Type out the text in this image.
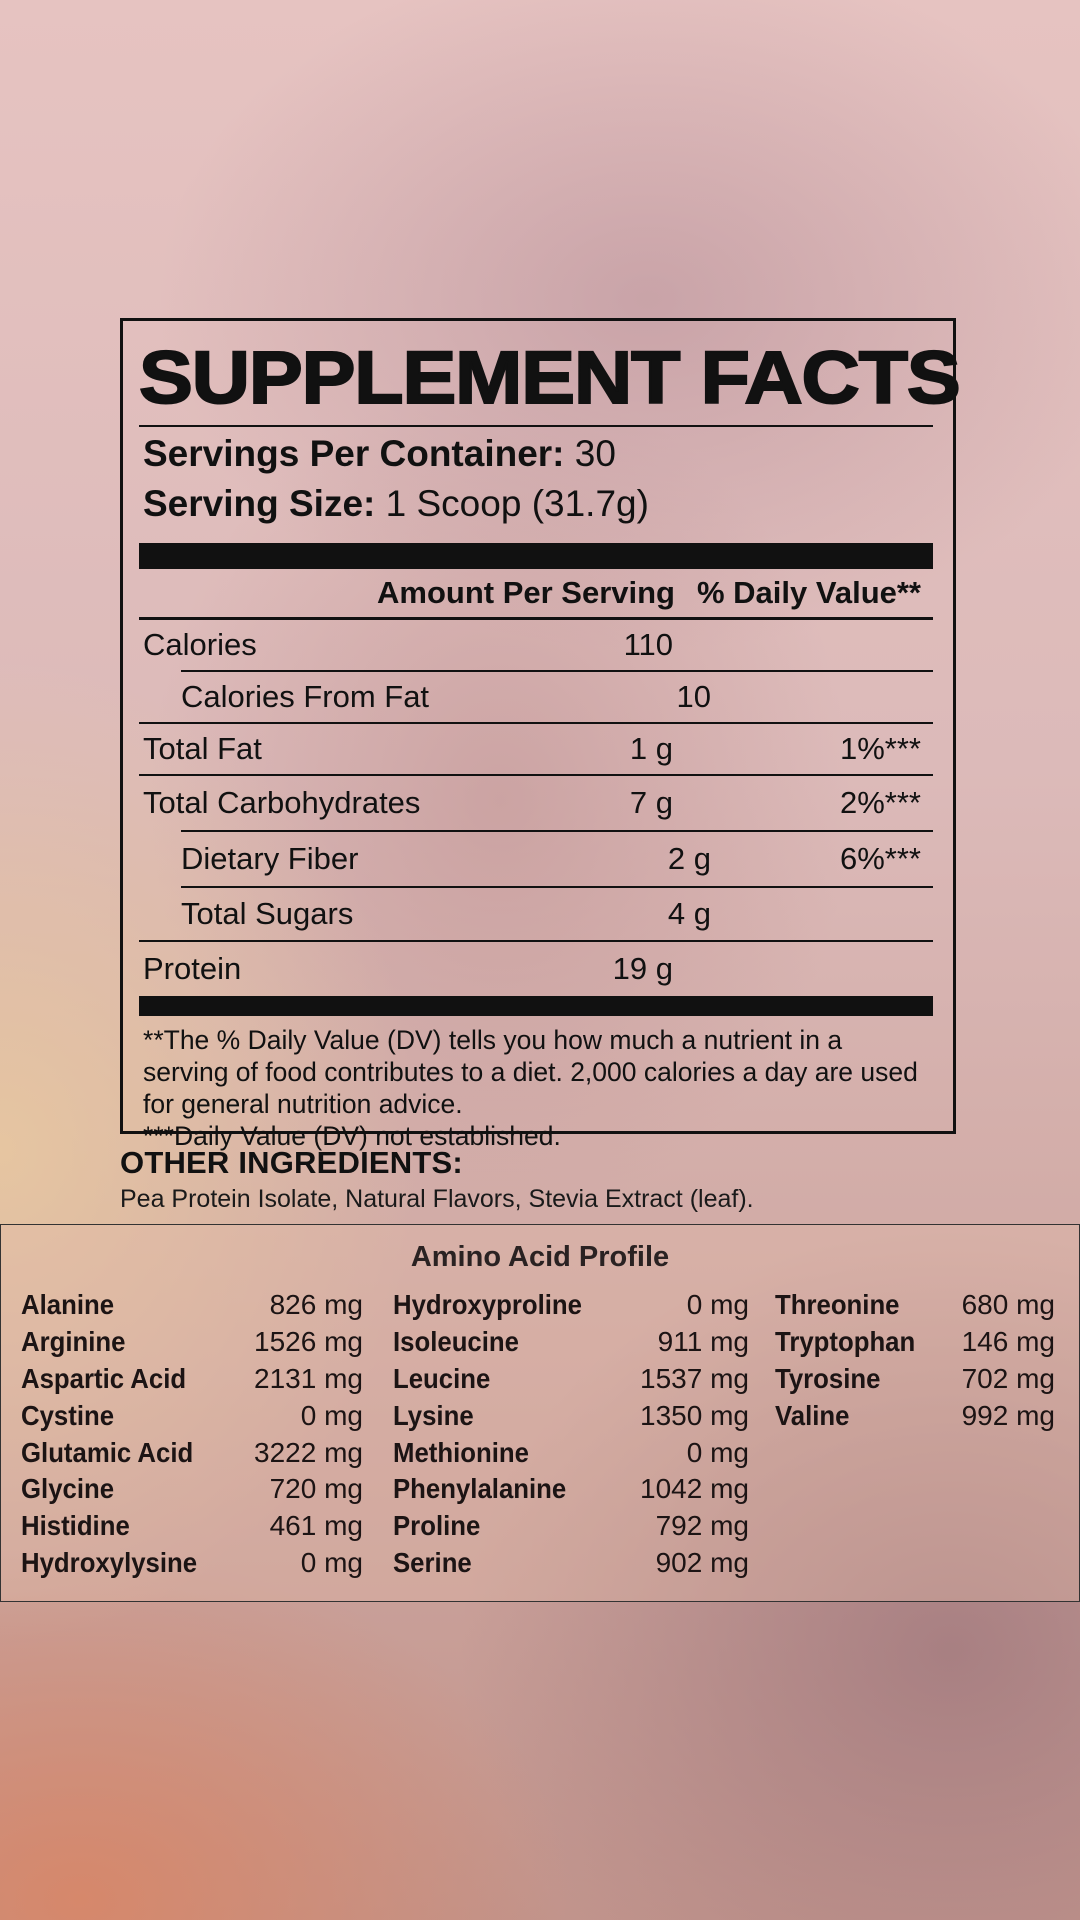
SUPPLEMENT FACTS
Servings Per Container: 30
Serving Size: 1 Scoop (31.7g)
Amount Per Serving % Daily Value**
Calories	110
Calories From Fat	10
Total Fat	1 g	1%***
Total Carbohydrates	7 g	2%***
Dietary Fiber	2 g	6%***
Total Sugars	4 g
Protein	19 g
**The % Daily Value (DV) tells you how much a nutrient in a serving of food contributes to a diet. 2,000 calories a day are used for general nutrition advice.
***Daily Value (DV) not established.
OTHER INGREDIENTS:
Pea Protein Isolate, Natural Flavors, Stevia Extract (leaf).
Amino Acid Profile
Alanine	826 mg
Arginine	1526 mg
Aspartic Acid 2131 mg
Cystine	0 mg
Glutamic Acid 3222 mg
Glycine	720 mg
Histidine	461 mg
Hydroxylysine	0 mg
Hydroxyproline	0 mg
Isoleucine	911 mg
Leucine	1537 mg
Lysine	1350 mg
Methionine	0 mg
Phenylalanine	1042 mg
Proline	792 mg
Serine	902 mg
Threonine 680 mg
Tryptophan 146 mg
Tyrosine	702 mg
Valine	992 mg
